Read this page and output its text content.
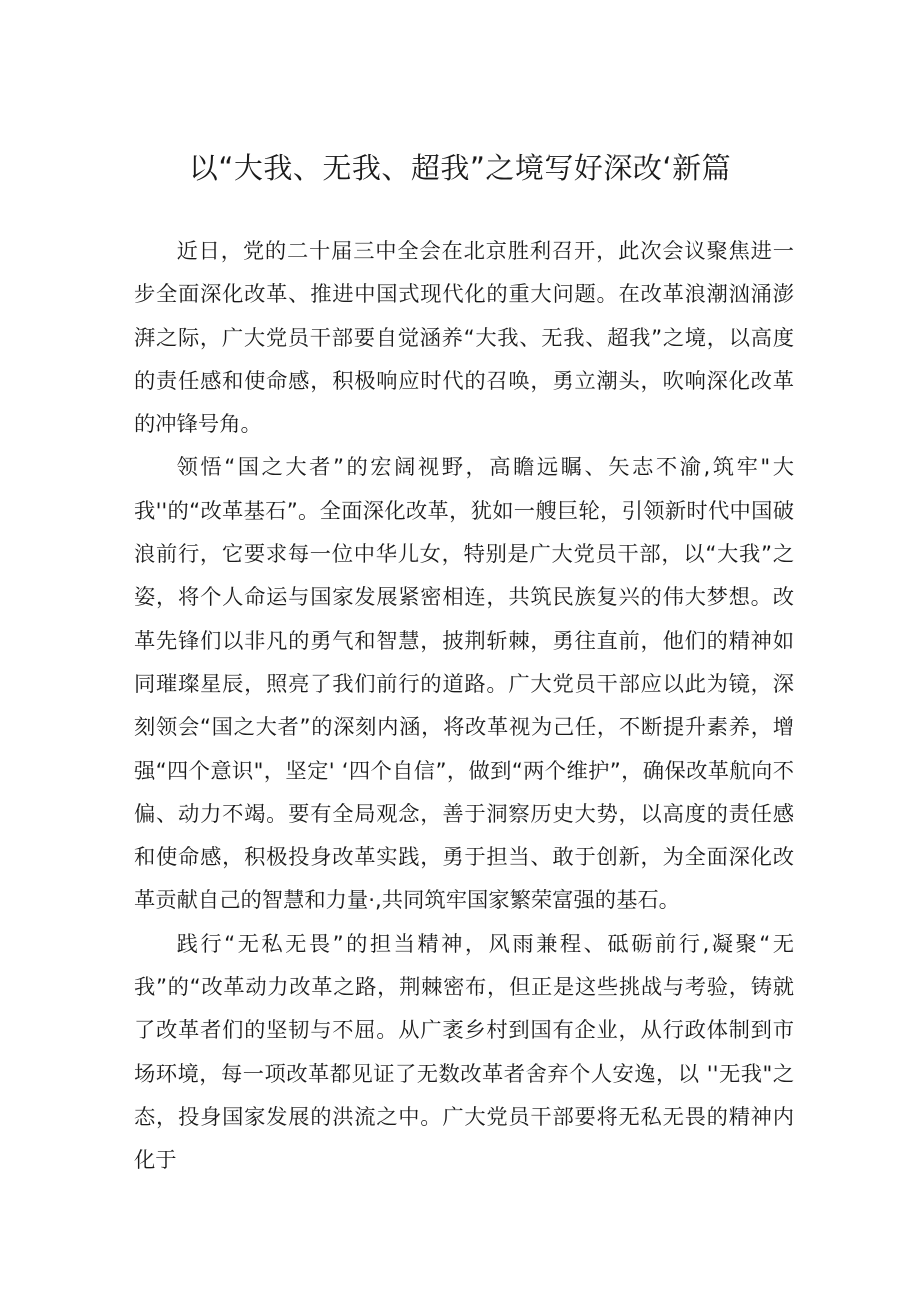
以“大我、无我、超我”之境写好深改‘新篇

近日，党的二十届三中全会在北京胜利召开，此次会议聚焦进一步全面深化改革、推进中国式现代化的重大问题。在改革浪潮汹涌澎湃之际，广大党员干部要自觉涵养“大我、无我、超我”之境，以高度的责任感和使命感，积极响应时代的召唤，勇立潮头，吹响深化改革的冲锋号角。

领悟“国之大者”的宏阔视野，高瞻远瞩、矢志不渝,筑牢"大我''的“改革基石”。全面深化改革，犹如一艘巨轮，引领新时代中国破浪前行，它要求每一位中华儿女，特别是广大党员干部，以“大我”之姿，将个人命运与国家发展紧密相连，共筑民族复兴的伟大梦想。改革先锋们以非凡的勇气和智慧，披荆斩棘，勇往直前，他们的精神如同璀璨星辰，照亮了我们前行的道路。广大党员干部应以此为镜，深刻领会“国之大者”的深刻内涵，将改革视为己任，不断提升素养，增强“四个意识"，坚定' ‘四个自信”，做到“两个维护”，确保改革航向不偏、动力不竭。要有全局观念，善于洞察历史大势，以高度的责任感和使命感，积极投身改革实践，勇于担当、敢于创新，为全面深化改革贡献自己的智慧和力量·,共同筑牢国家繁荣富强的基石。

践行“无私无畏”的担当精神，风雨兼程、砥砺前行,凝聚“无我”的“改革动力改革之路，荆棘密布，但正是这些挑战与考验，铸就了改革者们的坚韧与不屈。从广袤乡村到国有企业，从行政体制到市场环境，每一项改革都见证了无数改革者舍弃个人安逸，以 ''无我"之态，投身国家发展的洪流之中。广大党员干部要将无私无畏的精神内化于
